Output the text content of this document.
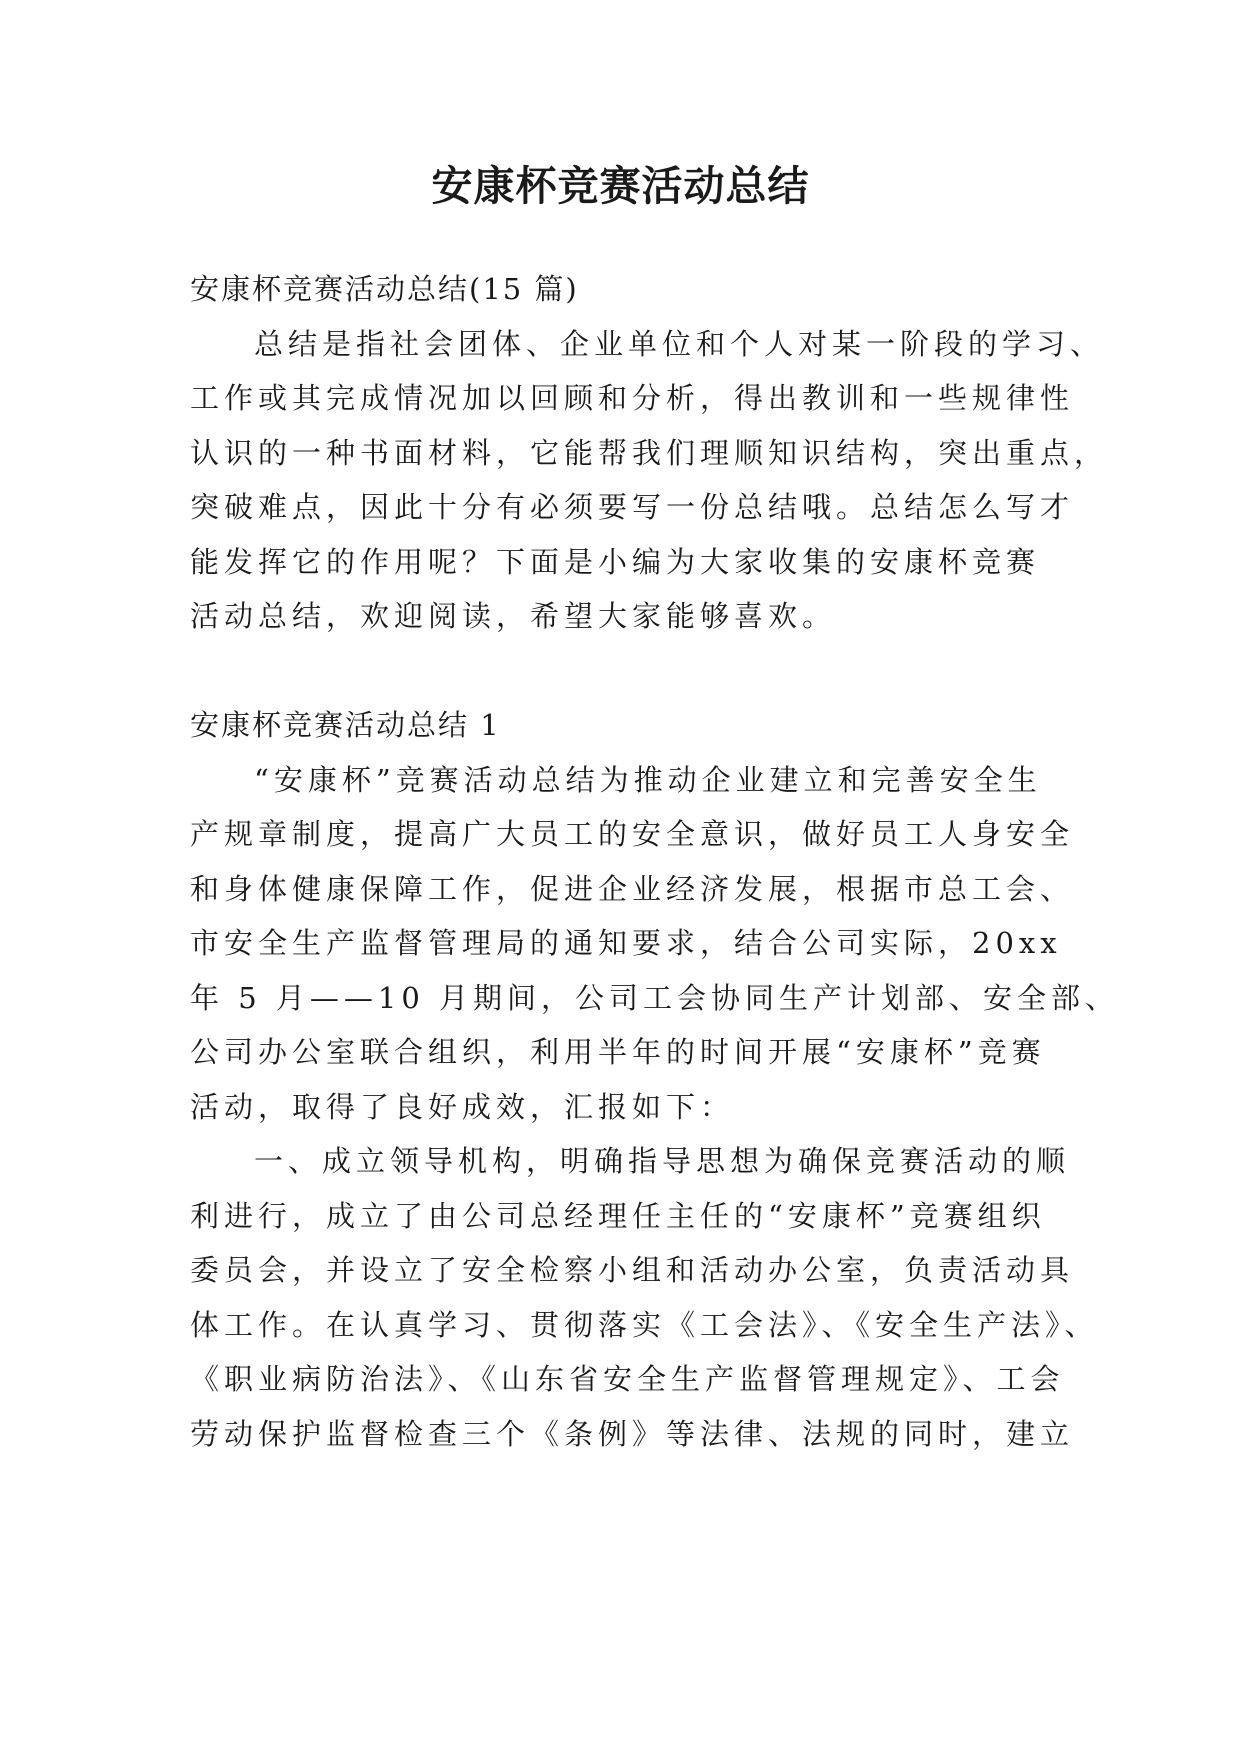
安康杯竞赛活动总结
安康杯竞赛活动总结(15 篇)
总结是指社会团体、企业单位和个人对某一阶段的学习、
工作或其完成情况加以回顾和分析，得出教训和一些规律性
认识的一种书面材料，它能帮我们理顺知识结构，突出重点，
突破难点，因此十分有必须要写一份总结哦。总结怎么写才
能发挥它的作用呢？下面是小编为大家收集的安康杯竞赛
活动总结，欢迎阅读，希望大家能够喜欢。
安康杯竞赛活动总结 1
“安康杯”竞赛活动总结为推动企业建立和完善安全生
产规章制度，提高广大员工的安全意识，做好员工人身安全
和身体健康保障工作，促进企业经济发展，根据市总工会、
市安全生产监督管理局的通知要求，结合公司实际，20xx
年 5 月——10 月期间，公司工会协同生产计划部、安全部、
公司办公室联合组织，利用半年的时间开展“安康杯”竞赛
活动，取得了良好成效，汇报如下：
一、成立领导机构，明确指导思想为确保竞赛活动的顺
利进行，成立了由公司总经理任主任的“安康杯”竞赛组织
委员会，并设立了安全检察小组和活动办公室，负责活动具
体工作。在认真学习、贯彻落实《工会法》、《安全生产法》、
《职业病防治法》、《山东省安全生产监督管理规定》、工会
劳动保护监督检查三个《条例》等法律、法规的同时，建立
